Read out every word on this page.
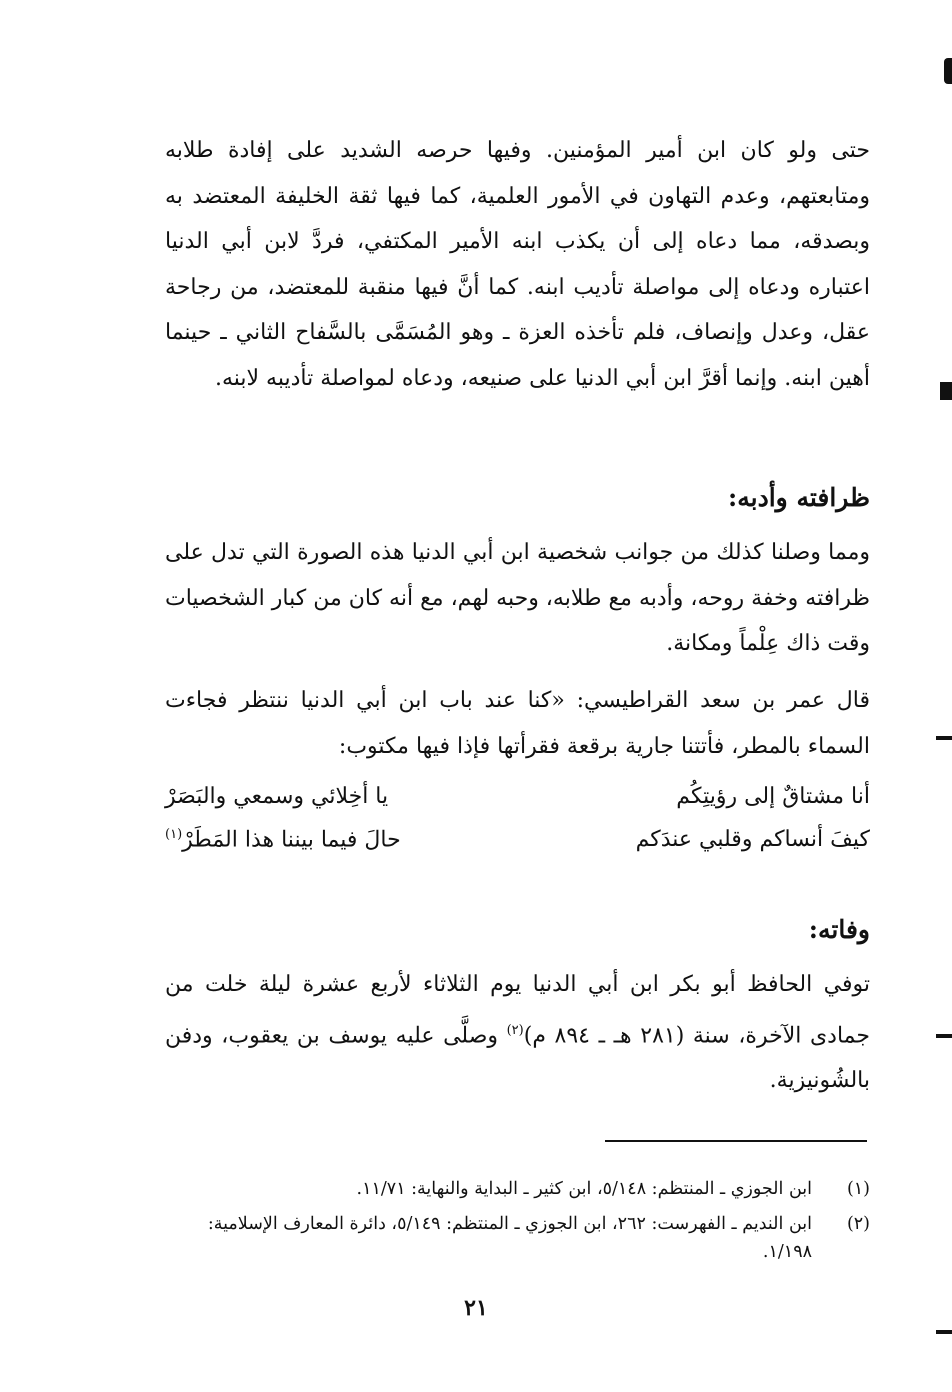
حتى ولو كان ابن أمير المؤمنين. وفيها حرصه الشديد على إفادة طلابه ومتابعتهم، وعدم التهاون في الأمور العلمية، كما فيها ثقة الخليفة المعتضد به وبصدقه، مما دعاه إلى أن يكذب ابنه الأمير المكتفي، فردَّ لابن أبي الدنيا اعتباره ودعاه إلى مواصلة تأديب ابنه. كما أنَّ فيها منقبة للمعتضد، من رجاحة عقل، وعدل وإنصاف، فلم تأخذه العزة ـ وهو المُسَمَّى بالسَّفاح الثاني ـ حينما أهين ابنه. وإنما أقرَّ ابن أبي الدنيا على صنيعه، ودعاه لمواصلة تأديبه لابنه.

ظرافته وأدبه:

ومما وصلنا كذلك من جوانب شخصية ابن أبي الدنيا هذه الصورة التي تدل على ظرافته وخفة روحه، وأدبه مع طلابه، وحبه لهم، مع أنه كان من كبار الشخصيات وقت ذاك عِلْماً ومكانة.

قال عمر بن سعد القراطيسي: «كنا عند باب ابن أبي الدنيا ننتظر فجاءت السماء بالمطر، فأتتنا جارية برقعة فقرأتها فإذا فيها مكتوب:

أنا مشتاقٌ إلى رؤيتِكُم
يا أخِلائي وسمعي والبَصَرْ
كيفَ أنساكم وقلبي عندَكم
حالَ فيما بيننا هذا المَطَرْ$^{(١)}$
وفاته:

توفي الحافظ أبو بكر ابن أبي الدنيا يوم الثلاثاء لأربع عشرة ليلة خلت من جمادى الآخرة، سنة (٢٨١ هـ ـ ٨٩٤ م)$^{(٢)}$ وصلَّى عليه يوسف بن يعقوب، ودفن بالشُونيزية.

(١)
ابن الجوزي ـ المنتظم: ٥/١٤٨، ابن كثير ـ البداية والنهاية: ١١/٧١.
(٢)
ابن النديم ـ الفهرست: ٢٦٢، ابن الجوزي ـ المنتظم: ٥/١٤٩، دائرة المعارف الإسلامية: ١/١٩٨.
٢١
